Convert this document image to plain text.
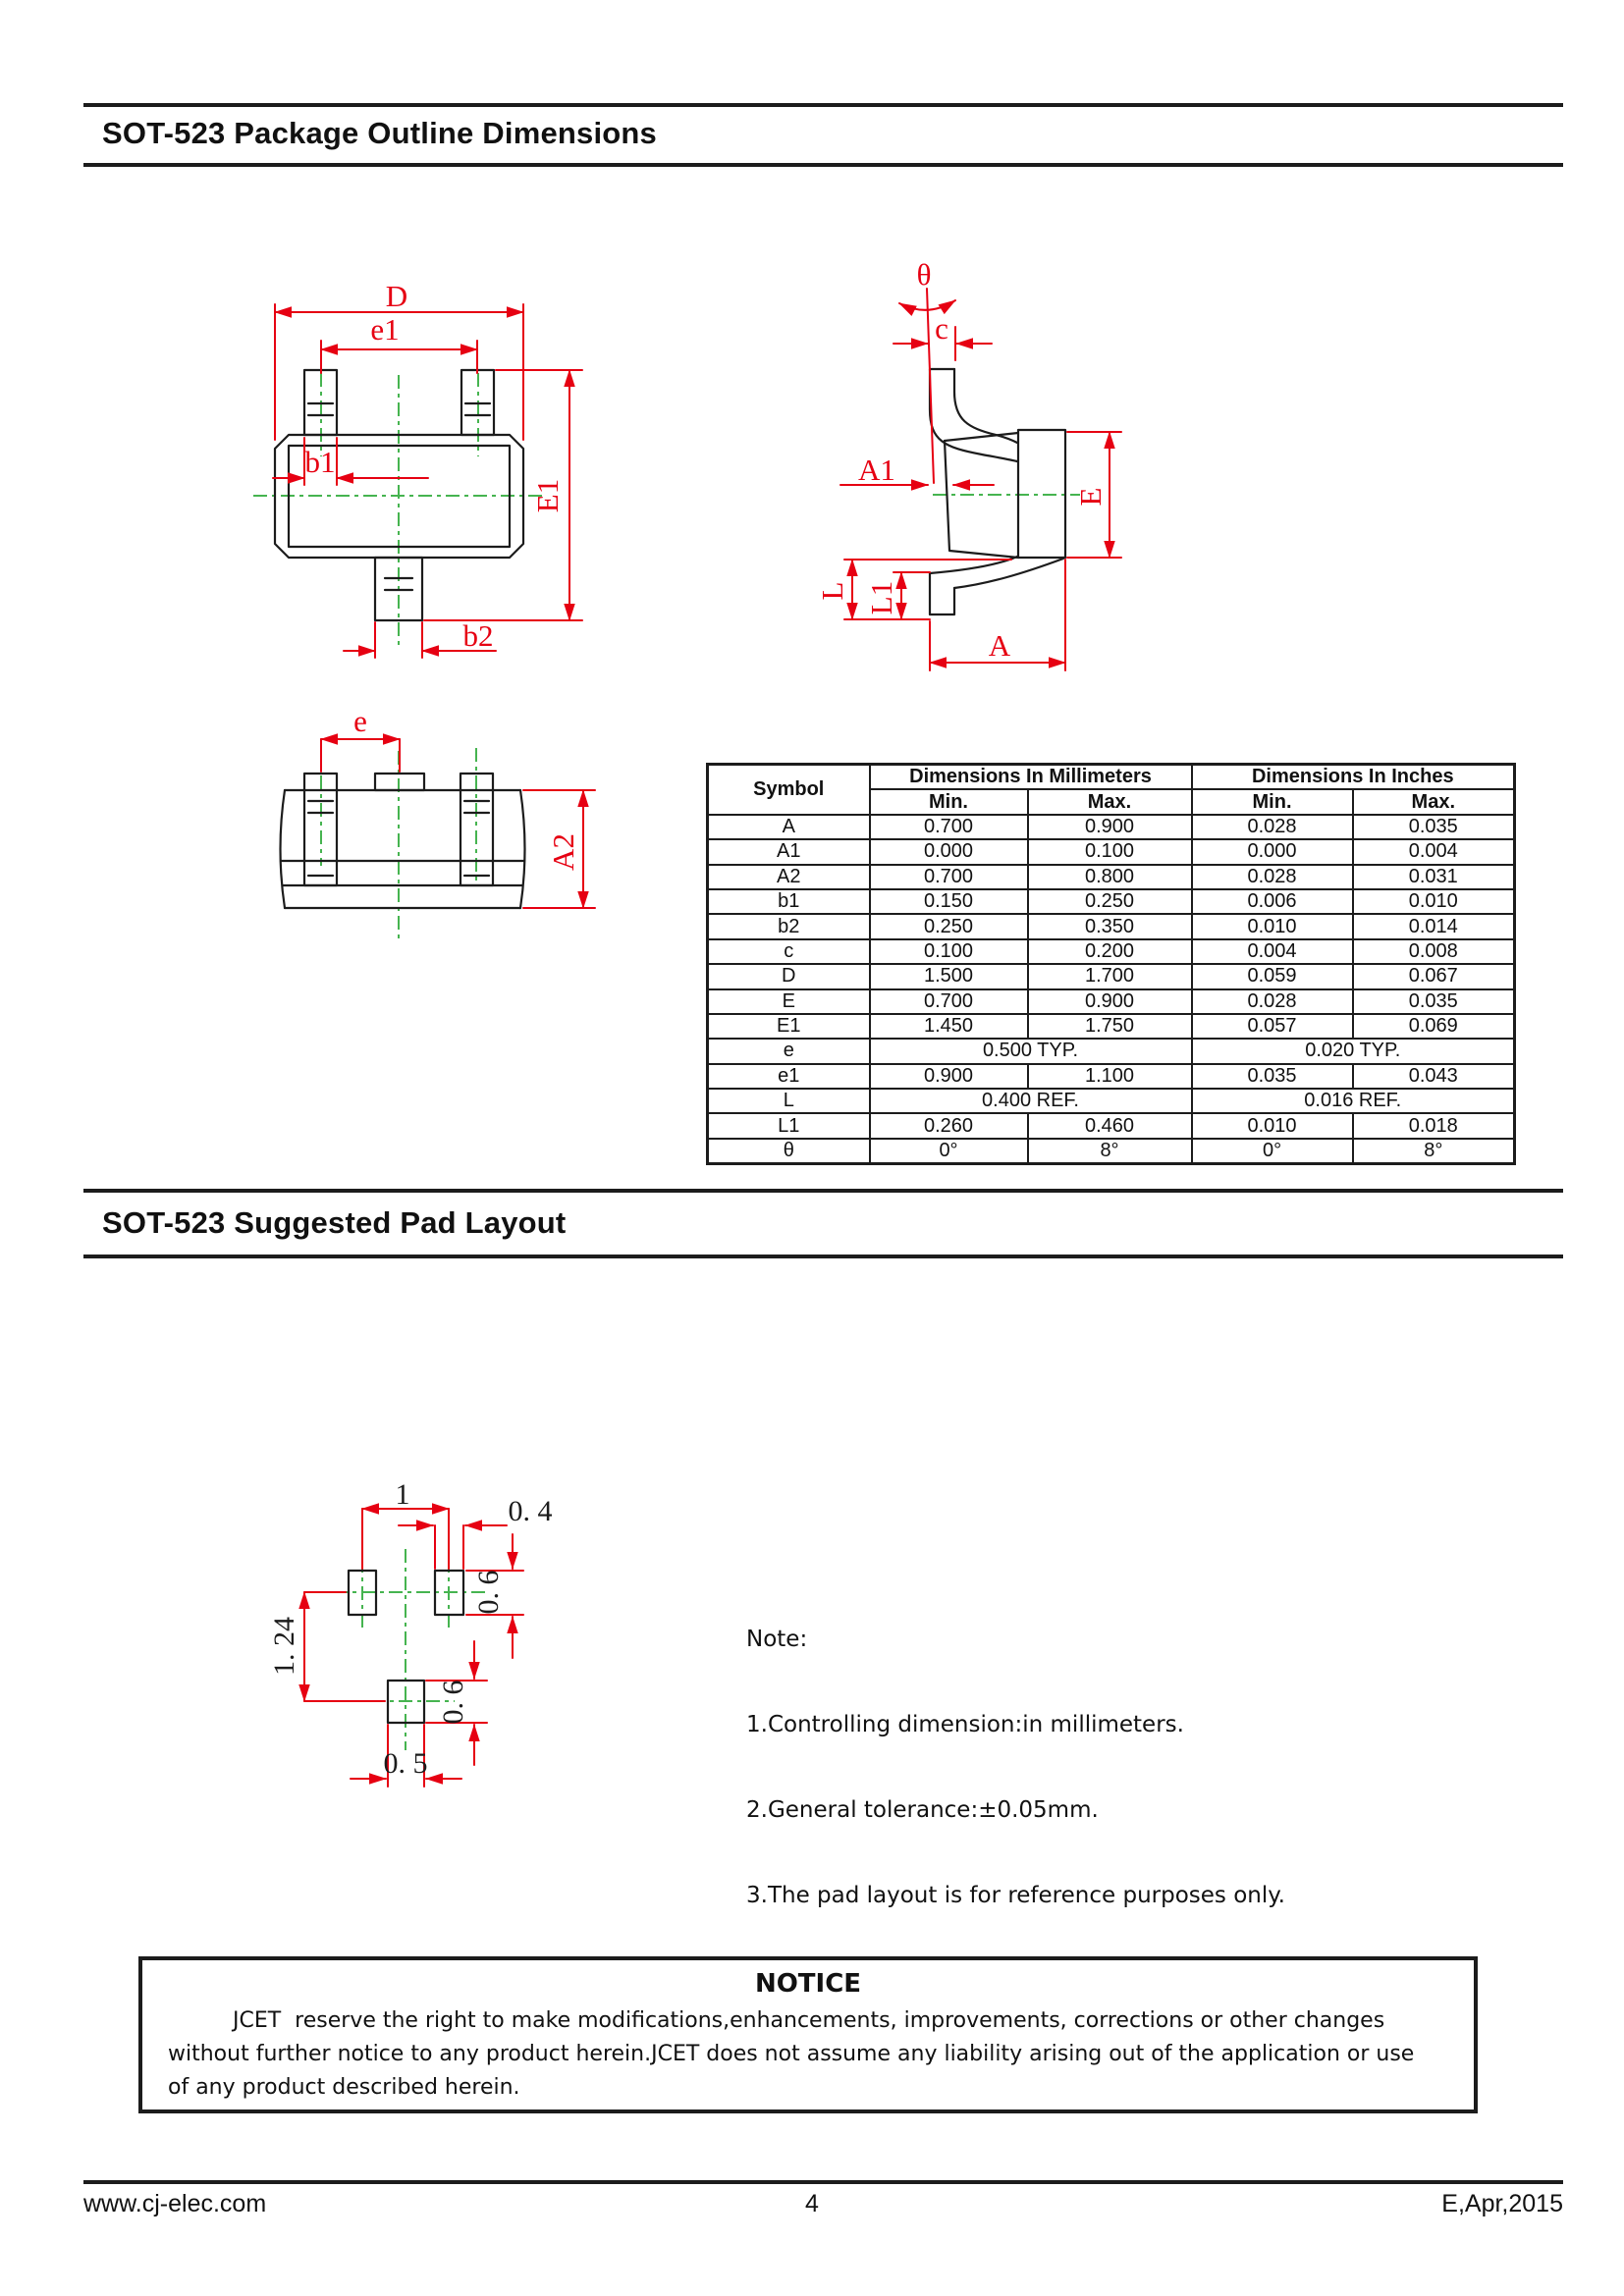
SOT-523 Package Outline Dimensions
D
e1
b1
E1
b2
θ
c
A1
E
L L1
A
e
A2
Symbol	Dimensions In Millimeters		Dimensions In Inches	
	Min.	Max.	Min.	Max.
A	0.700	0.900	0.028	0.035
A1	0.000	0.100	0.000	0.004
A2	0.700	0.800	0.028	0.031
b1	0.150	0.250	0.006	0.010
b2	0.250	0.350	0.010	0.014
c	0.100	0.200	0.004	0.008
D	1.500	1.700	0.059	0.067
E	0.700	0.900	0.028	0.035
E1	1.450	1.750	0.057	0.069
e	0.500 TYP.		0.020 TYP.	
e1	0.900	1.100	0.035	0.043
L	0.400 REF.		0.016 REF.	
L1	0.260	0.460	0.010	0.018
θ	0°	8°	0°	8°
SOT-523 Suggested Pad Layout
1
0. 4
0. 6
1. 24
0. 6
0. 5

Note:

1.Controlling dimension:in millimeters.

2.General tolerance:±0.05mm.

3.The pad layout is for reference purposes only.

NOTICE
JCET  reserve the right to make modifications,enhancements, improvements, corrections or other changes
without further notice to any product herein.JCET does not assume any liability arising out of the application or use
of any product described herein.
4
www.cj-elec.com	E,Apr,2015
